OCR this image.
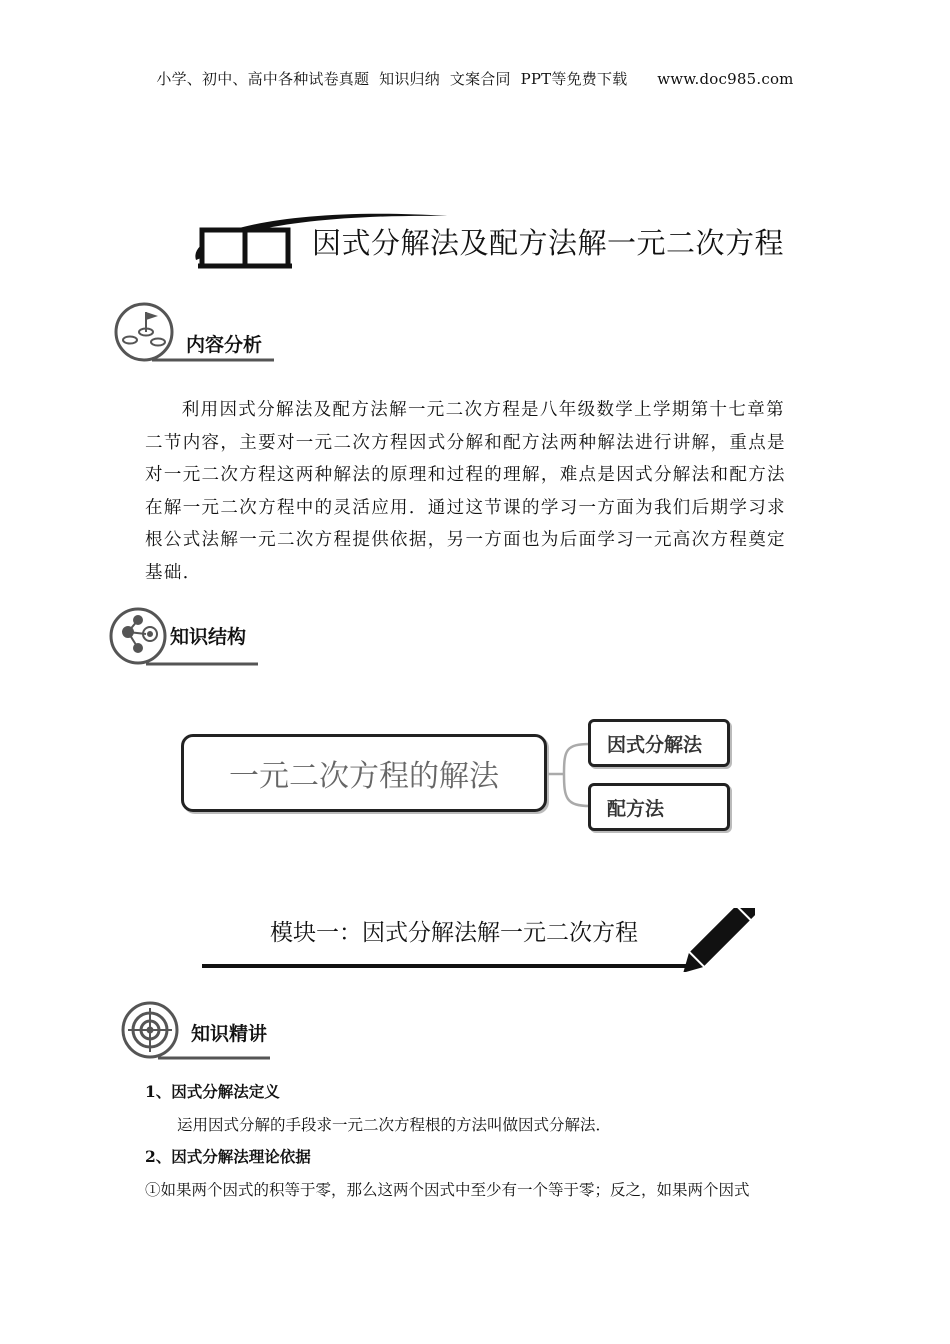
小学、初中、高中各种试卷真题  知识归纳  文案合同  PPT等免费下载      www.doc985.com
因式分解法及配方法解一元二次方程
内容分析
利用因式分解法及配方法解一元二次方程是八年级数学上学期第十七章第
二节内容，主要对一元二次方程因式分解和配方法两种解法进行讲解，重点是
对一元二次方程这两种解法的原理和过程的理解，难点是因式分解法和配方法
在解一元二次方程中的灵活应用．通过这节课的学习一方面为我们后期学习求
根公式法解一元二次方程提供依据，另一方面也为后面学习一元高次方程奠定
基础．
知识结构
一元二次方程的解法
因式分解法
配方法
模块一：因式分解法解一元二次方程
知识精讲
1、因式分解法定义
运用因式分解的手段求一元二次方程根的方法叫做因式分解法．
2、因式分解法理论依据
①如果两个因式的积等于零，那么这两个因式中至少有一个等于零；反之，如果两个因式
